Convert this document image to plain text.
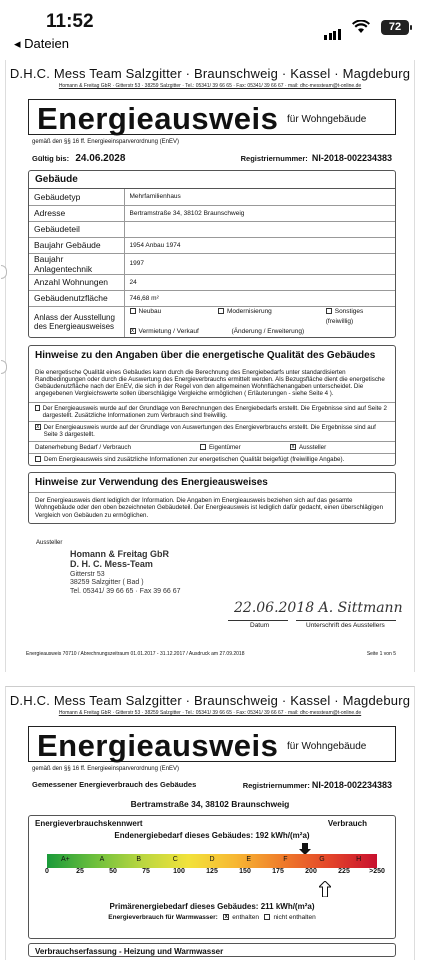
11:52
◂ Dateien
72
D.H.C. Mess Team Salzgitter · Braunschweig · Kassel · Magdeburg
Homann & Freitag GbR · Gitterstr 53 · 38259 Salzgitter · Tel.: 05341/ 39 66 65 · Fax: 05341/ 39 66 67 · mail: dhc-messteam@t-online.de
Energieausweis für Wohngebäude
gemäß den §§ 16 ff. Energieeinsparverordnung (EnEV)
Gültig bis: 24.06.2028	Registriernummer: NI-2018-002234383
Gebäude
Gebäudetyp	Mehrfamilienhaus
Adresse	Bertramstraße 34, 38102 Braunschweig
Gebäudeteil	
Baujahr Gebäude	1954 Anbau 1974
Baujahr Anlagentechnik	1997
Anzahl Wohnungen	24
Gebäudenutzfläche	746,68 m²
Anlass der Ausstellung des Energieausweises	Neubau Modernisierung Sonstiges (freiwillig)
x Vermietung / Verkauf (Änderung / Erweiterung)
Hinweise zu den Angaben über die energetische Qualität des Gebäudes
Die energetische Qualität eines Gebäudes kann durch die Berechnung des Energiebedarfs unter standardisierten Randbedingungen oder durch die Auswertung des Energieverbrauchs ermittelt werden. Als Bezugsfläche dient die energetische Gebäudenutzfläche nach der EnEV, die sich in der Regel von den allgemeinen Wohnflächenangaben unterscheidet. Die angegebenen Vergleichswerte sollen überschlägige Vergleiche ermöglichen ( Erläuterungen - siehe Seite 4 ).
Der Energieausweis wurde auf der Grundlage von Berechnungen des Energiebedarfs erstellt. Die Ergebnisse sind auf Seite 2 dargestellt. Zusätzliche Informationen zum Verbrauch sind freiwillig.
x Der Energieausweis wurde auf der Grundlage von Auswertungen des Energieverbrauchs erstellt. Die Ergebnisse sind auf Seite 3 dargestellt.
Datenerhebung Bedarf / Verbrauch	Eigentümer	x Aussteller
Dem Energieausweis sind zusätzliche Informationen zur energetischen Qualität beigefügt (freiwillige Angabe).
Hinweise zur Verwendung des Energieausweises
Der Energieausweis dient lediglich der Information. Die Angaben im Energieausweis beziehen sich auf das gesamte Wohngebäude oder den oben bezeichneten Gebäudeteil. Der Energieausweis ist lediglich dafür gedacht, einen überschlägigen Vergleich von Gebäuden zu ermöglichen.
Aussteller
Homann & Freitag GbR
D. H. C. Mess-Team
Gitterstr 53
38259 Salzgitter ( Bad )
Tel. 05341/ 39 66 65 · Fax 39 66 67
22.06.2018 A. Sittmann
Datum	Unterschrift des Ausstellers
Energieausweis 70710 / Abrechnungszeitraum 01.01.2017 - 31.12.2017 / Ausdruck am 27.09.2018	Seite 1 von 5
D.H.C. Mess Team Salzgitter · Braunschweig · Kassel · Magdeburg
Homann & Freitag GbR · Gitterstr 53 · 38259 Salzgitter · Tel.: 05341/ 39 66 65 · Fax: 05341/ 39 66 67 · mail: dhc-messteam@t-online.de
Energieausweis für Wohngebäude
gemäß den §§ 16 ff. Energieeinsparverordnung (EnEV)
Gemessener Energieverbrauch des Gebäudes	Registriernummer: NI-2018-002234383
Bertramstraße 34, 38102 Braunschweig
Energieverbrauchskennwert	Verbrauch
Endenergiebedarf dieses Gebäudes: 192 kWh/(m²a)
A+	A	B	C	D	E	F	G	H
0	25	50	75	100	125	150	175	200	225	>250
Primärenergiebedarf dieses Gebäudes: 211 kWh/(m²a)
Energieverbrauch für Warmwasser: x enthalten nicht enthalten
Verbrauchserfassung - Heizung und Warmwasser
